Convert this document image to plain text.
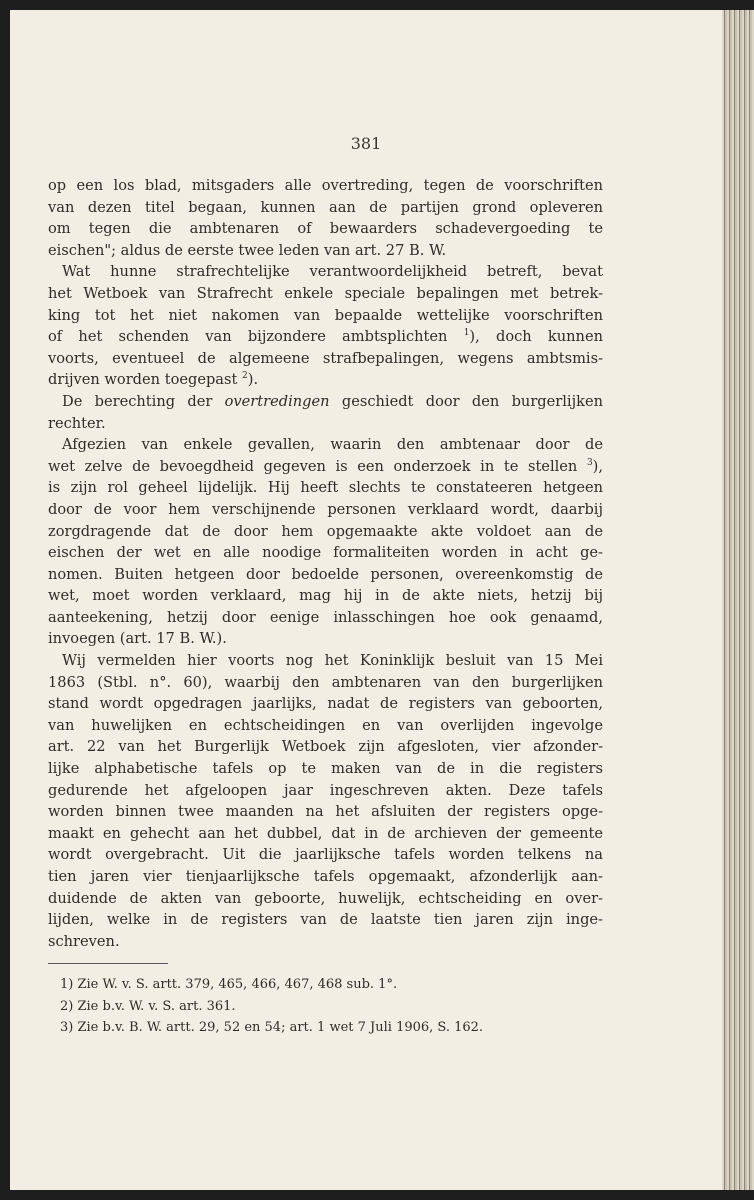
381
op een los blad, mitsgaders alle overtreding, tegen de voorschriften
van dezen titel begaan, kunnen aan de partijen grond opleveren
om tegen die ambtenaren of bewaarders schadevergoeding te
eischen"; aldus de eerste twee leden van art. 27 B. W.
Wat hunne strafrechtelijke verantwoordelijkheid betreft, bevat
het Wetboek van Strafrecht enkele speciale bepalingen met betrek-
king tot het niet nakomen van bepaalde wettelijke voorschriften
of het schenden van bijzondere ambtsplichten $^1$), doch kunnen
voorts, eventueel de algemeene strafbepalingen, wegens ambtsmis-
drijven worden toegepast $^2$).
De berechting der overtredingen geschiedt door den burgerlijken
rechter.
Afgezien van enkele gevallen, waarin den ambtenaar door de
wet zelve de bevoegdheid gegeven is een onderzoek in te stellen $^3$),
is zijn rol geheel lijdelijk. Hij heeft slechts te constateeren hetgeen
door de voor hem verschijnende personen verklaard wordt, daarbij
zorgdragende dat de door hem opgemaakte akte voldoet aan de
eischen der wet en alle noodige formaliteiten worden in acht ge-
nomen. Buiten hetgeen door bedoelde personen, overeenkomstig de
wet, moet worden verklaard, mag hij in de akte niets, hetzij bij
aanteekening, hetzij door eenige inlasschingen hoe ook genaamd,
invoegen (art. 17 B. W.).
Wij vermelden hier voorts nog het Koninklijk besluit van 15 Mei
1863 (Stbl. n°. 60), waarbij den ambtenaren van den burgerlijken
stand wordt opgedragen jaarlijks, nadat de registers van geboorten,
van huwelijken en echtscheidingen en van overlijden ingevolge
art. 22 van het Burgerlijk Wetboek zijn afgesloten, vier afzonder-
lijke alphabetische tafels op te maken van de in die registers
gedurende het afgeloopen jaar ingeschreven akten. Deze tafels
worden binnen twee maanden na het afsluiten der registers opge-
maakt en gehecht aan het dubbel, dat in de archieven der gemeente
wordt overgebracht. Uit die jaarlijksche tafels worden telkens na
tien jaren vier tienjaarlijksche tafels opgemaakt, afzonderlijk aan-
duidende de akten van geboorte, huwelijk, echtscheiding en over-
lijden, welke in de registers van de laatste tien jaren zijn inge-
schreven.
1) Zie W. v. S. artt. 379, 465, 466, 467, 468 sub. 1°.
2) Zie b.v. W. v. S. art. 361.
3) Zie b.v. B. W. artt. 29, 52 en 54; art. 1 wet 7 Juli 1906, S. 162.
